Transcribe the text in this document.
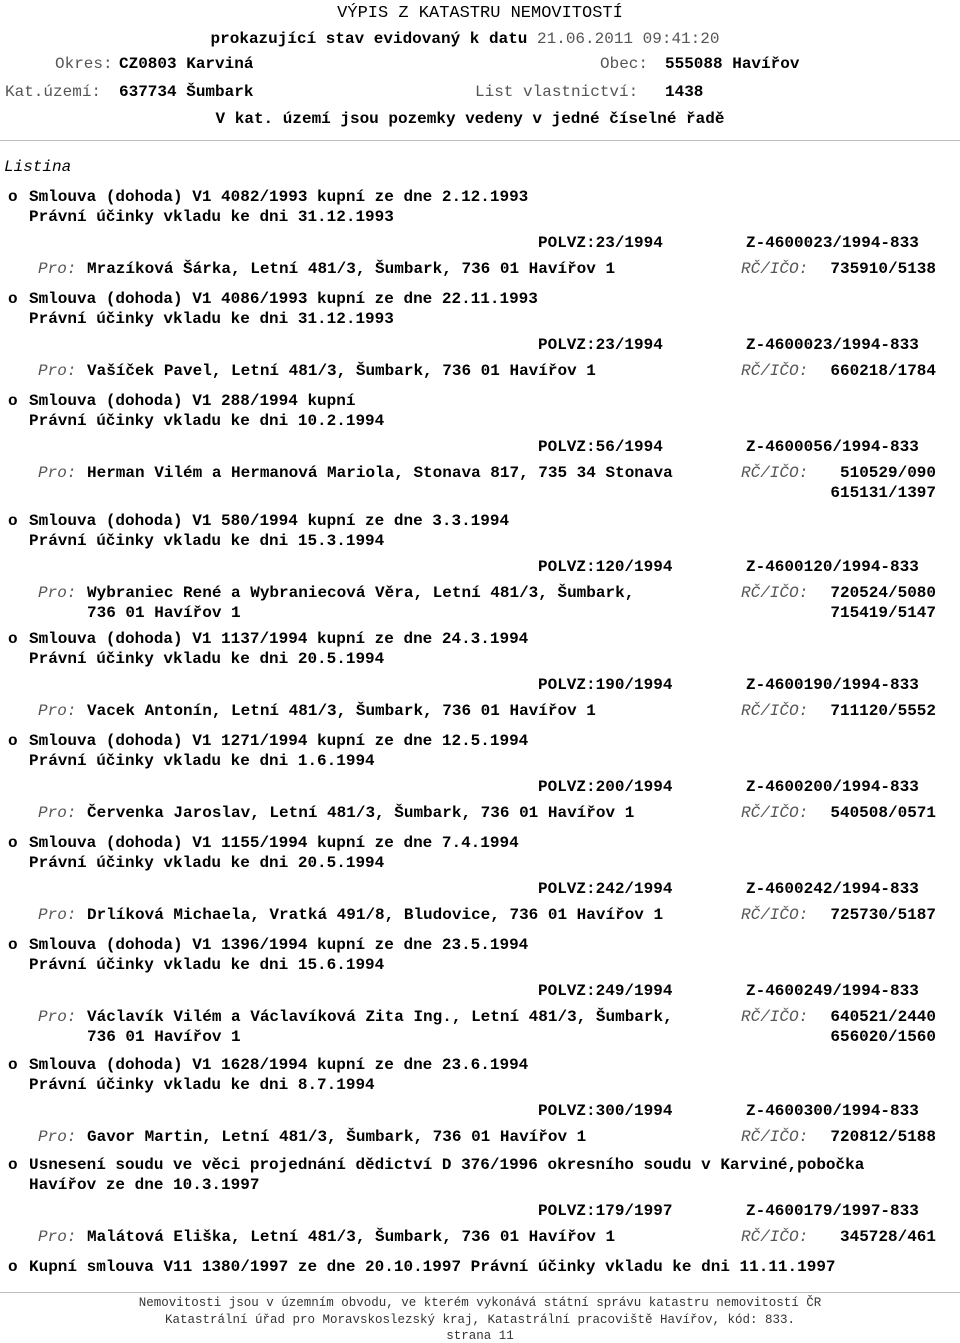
VÝPIS Z KATASTRU NEMOVITOSTÍ
prokazující stav evidovaný k datu 21.06.2011 09:41:20
Okres: CZ0803 Karviná	Obec: 555088 Havířov
Kat.území: 637734 Šumbark	List vlastnictví: 1438
V kat. území jsou pozemky vedeny v jedné číselné řadě
Listina
o Smlouva (dohoda) V1 4082/1993 kupní ze dne 2.12.1993
Právní účinky vkladu ke dni 31.12.1993
POLVZ:23/1994	Z-4600023/1994-833
Pro: Mrazíková Šárka, Letní 481/3, Šumbark, 736 01 Havířov 1	RČ/IČO: 735910/5138
o Smlouva (dohoda) V1 4086/1993 kupní ze dne 22.11.1993
Právní účinky vkladu ke dni 31.12.1993
POLVZ:23/1994	Z-4600023/1994-833
Pro: Vašíček Pavel, Letní 481/3, Šumbark, 736 01 Havířov 1	RČ/IČO: 660218/1784
o Smlouva (dohoda) V1 288/1994 kupní
Právní účinky vkladu ke dni 10.2.1994
POLVZ:56/1994	Z-4600056/1994-833
Pro: Herman Vilém a Hermanová Mariola, Stonava 817, 735 34 Stonava	RČ/IČO: 510529/090
615131/1397
o Smlouva (dohoda) V1 580/1994 kupní ze dne 3.3.1994
Právní účinky vkladu ke dni 15.3.1994
POLVZ:120/1994	Z-4600120/1994-833
Pro: Wybraniec René a Wybraniecová Věra, Letní 481/3, Šumbark,
736 01 Havířov 1
RČ/IČO: 720524/5080
715419/5147
o Smlouva (dohoda) V1 1137/1994 kupní ze dne 24.3.1994
Právní účinky vkladu ke dni 20.5.1994
POLVZ:190/1994	Z-4600190/1994-833
Pro: Vacek Antonín, Letní 481/3, Šumbark, 736 01 Havířov 1	RČ/IČO: 711120/5552
o Smlouva (dohoda) V1 1271/1994 kupní ze dne 12.5.1994
Právní účinky vkladu ke dni 1.6.1994
POLVZ:200/1994	Z-4600200/1994-833
Pro: Červenka Jaroslav, Letní 481/3, Šumbark, 736 01 Havířov 1	RČ/IČO: 540508/0571
o Smlouva (dohoda) V1 1155/1994 kupní ze dne 7.4.1994
Právní účinky vkladu ke dni 20.5.1994
POLVZ:242/1994	Z-4600242/1994-833
Pro: Drlíková Michaela, Vratká 491/8, Bludovice, 736 01 Havířov 1	RČ/IČO: 725730/5187
o Smlouva (dohoda) V1 1396/1994 kupní ze dne 23.5.1994
Právní účinky vkladu ke dni 15.6.1994
POLVZ:249/1994	Z-4600249/1994-833
Pro: Václavík Vilém a Václavíková Zita Ing., Letní 481/3, Šumbark,
736 01 Havířov 1
RČ/IČO: 640521/2440
656020/1560
o Smlouva (dohoda) V1 1628/1994 kupní ze dne 23.6.1994
Právní účinky vkladu ke dni 8.7.1994
POLVZ:300/1994	Z-4600300/1994-833
Pro: Gavor Martin, Letní 481/3, Šumbark, 736 01 Havířov 1	RČ/IČO: 720812/5188
o Usnesení soudu ve věci projednání dědictví D 376/1996 okresního soudu v Karviné,pobočka
Havířov ze dne 10.3.1997
POLVZ:179/1997	Z-4600179/1997-833
Pro: Malátová Eliška, Letní 481/3, Šumbark, 736 01 Havířov 1	RČ/IČO: 345728/461
o Kupní smlouva V11 1380/1997 ze dne 20.10.1997 Právní účinky vkladu ke dni 11.11.1997
Nemovitosti jsou v územním obvodu, ve kterém vykonává státní správu katastru nemovitostí ČR
Katastrální úřad pro Moravskoslezský kraj, Katastrální pracoviště Havířov, kód: 833.
strana 11
